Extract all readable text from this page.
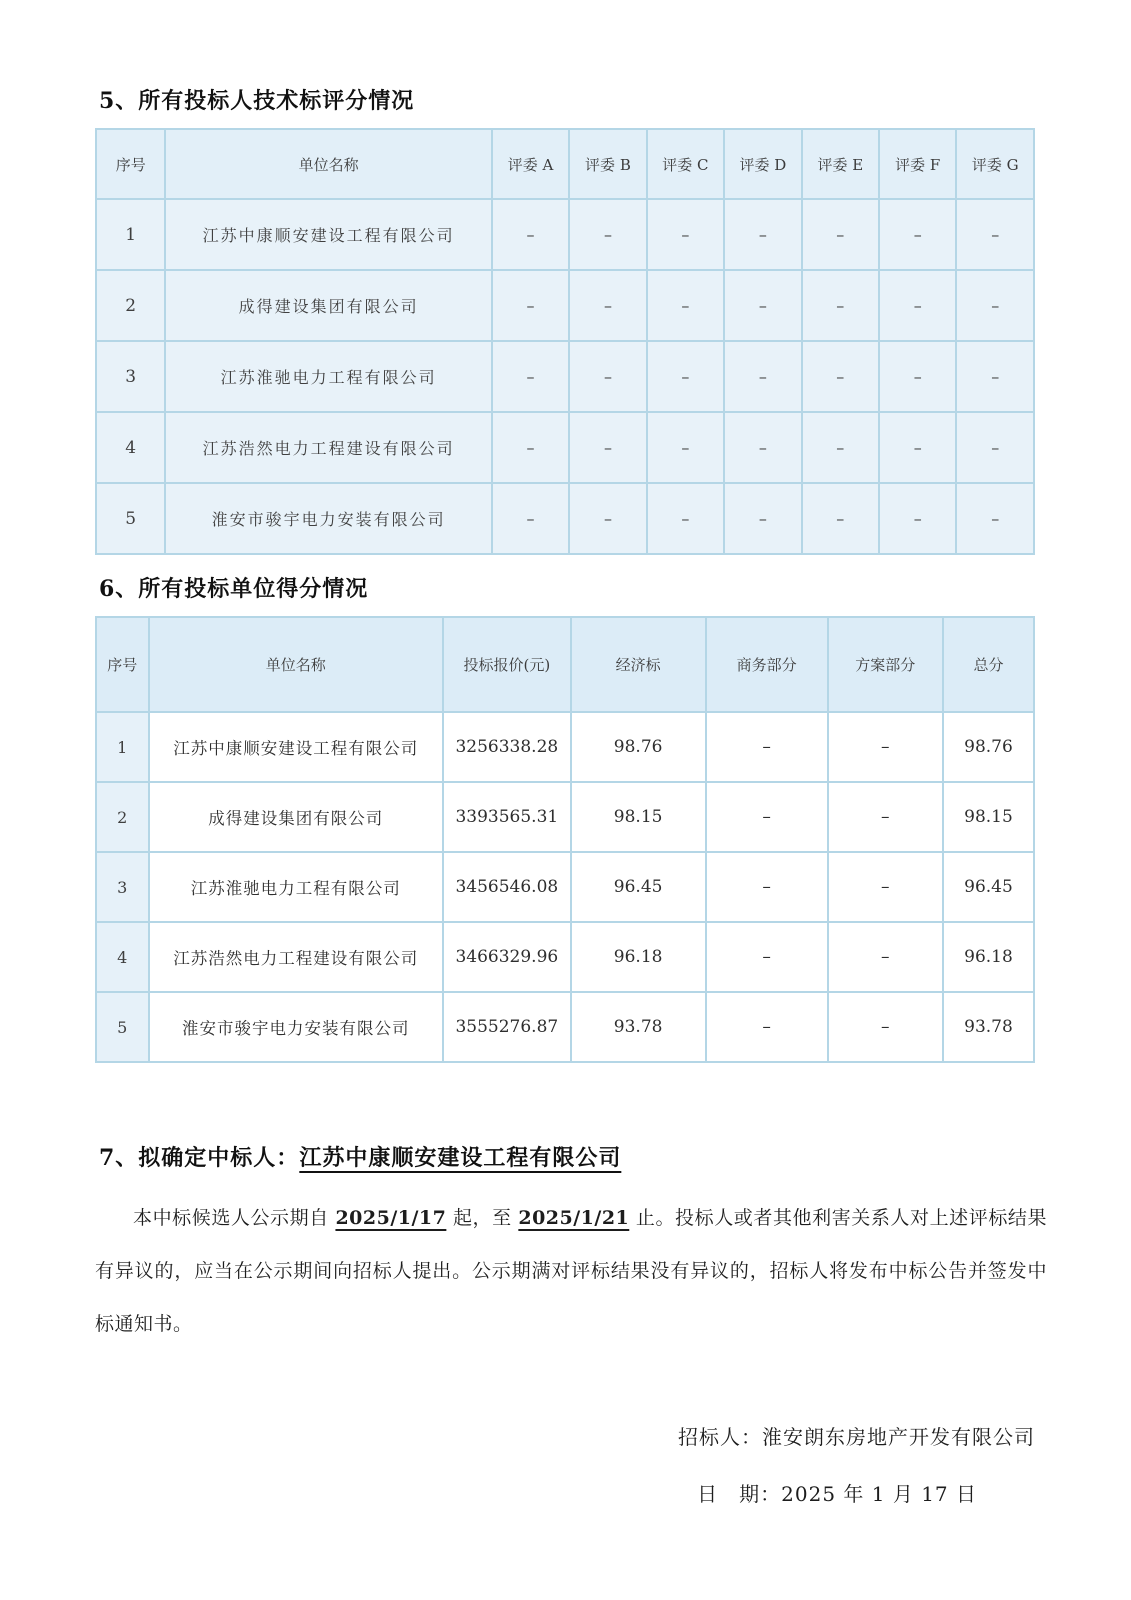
5、所有投标人技术标评分情况
序号	单位名称	评委 A	评委 B	评委 C	评委 D	评委 E	评委 F	评委 G
1	江苏中康顺安建设工程有限公司	–	–	–	–	–	–	–
2	成得建设集团有限公司	–	–	–	–	–	–	–
3	江苏淮驰电力工程有限公司	–	–	–	–	–	–	–
4	江苏浩然电力工程建设有限公司	–	–	–	–	–	–	–
5	淮安市骏宇电力安装有限公司	–	–	–	–	–	–	–
6、所有投标单位得分情况
序号	单位名称	投标报价(元)	经济标	商务部分	方案部分	总分
1	江苏中康顺安建设工程有限公司	3256338.28	98.76	–	–	98.76
2	成得建设集团有限公司	3393565.31	98.15	–	–	98.15
3	江苏淮驰电力工程有限公司	3456546.08	96.45	–	–	96.45
4	江苏浩然电力工程建设有限公司	3466329.96	96.18	–	–	96.18
5	淮安市骏宇电力安装有限公司	3555276.87	93.78	–	–	93.78
7、拟确定中标人：江苏中康顺安建设工程有限公司

本中标候选人公示期自 2025/1/17 起，至 2025/1/21 止。投标人或者其他利害关系人对上述评标结果有异议的，应当在公示期间向招标人提出。公示期满对评标结果没有异议的，招标人将发布中标公告并签发中标通知书。

招标人：淮安朗东房地产开发有限公司
日　期：2025 年 1 月 17 日
